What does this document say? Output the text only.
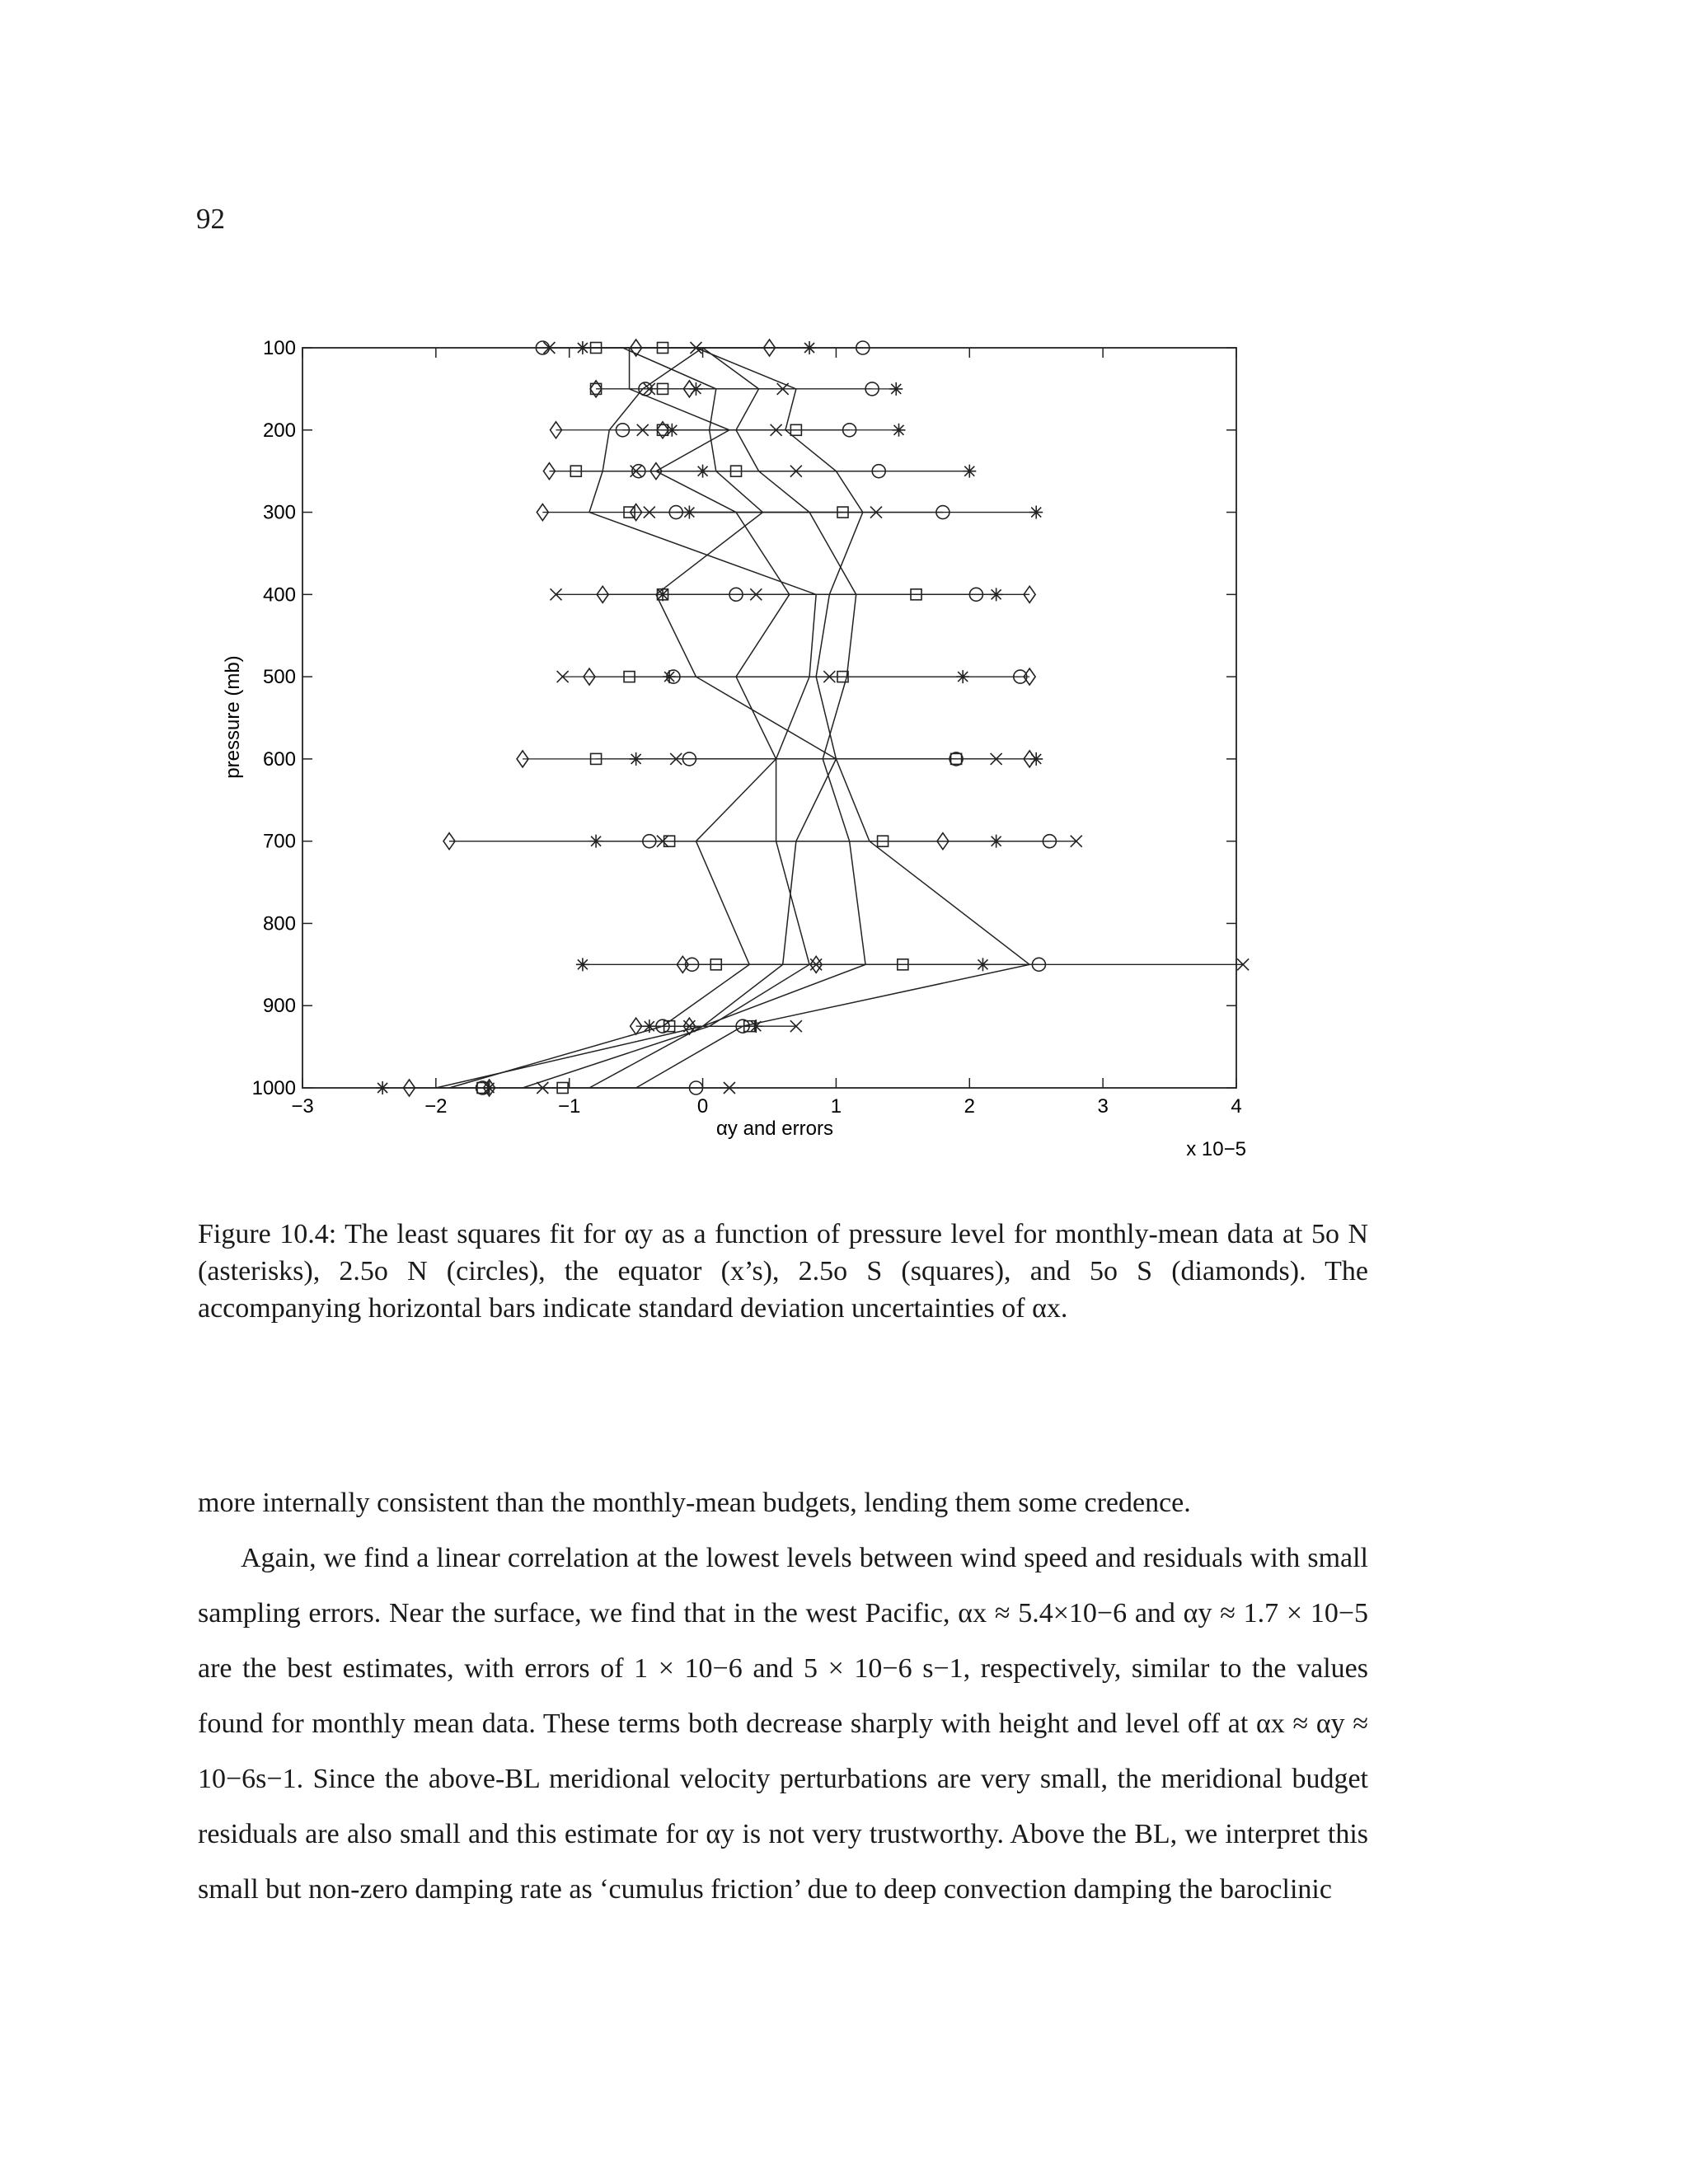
92
−3	−2	−1	0	1	2	3	4
100
200
300
400
500
600
700
800
900
1000
pressure (mb)
αy and errors
x 10−5
Figure 10.4: The least squares fit for αy as a function of pressure level for monthly-mean data at 5o N (asterisks), 2.5o N (circles), the equator (x’s), 2.5o S (squares), and 5o S (diamonds). The accompanying horizontal bars indicate standard deviation uncertainties of αx.

more internally consistent than the monthly-mean budgets, lending them some credence.

Again, we find a linear correlation at the lowest levels between wind speed and residuals with small sampling errors. Near the surface, we find that in the west Pacific, αx ≈ 5.4×10−6 and αy ≈ 1.7 × 10−5 are the best estimates, with errors of 1 × 10−6 and 5 × 10−6 s−1, respectively, similar to the values found for monthly mean data. These terms both decrease sharply with height and level off at αx ≈ αy ≈ 10−6s−1. Since the above-BL meridional velocity perturbations are very small, the meridional budget residuals are also small and this estimate for αy is not very trustworthy. Above the BL, we interpret this small but non-zero damping rate as ‘cumulus friction’ due to deep convection damping the baroclinic
